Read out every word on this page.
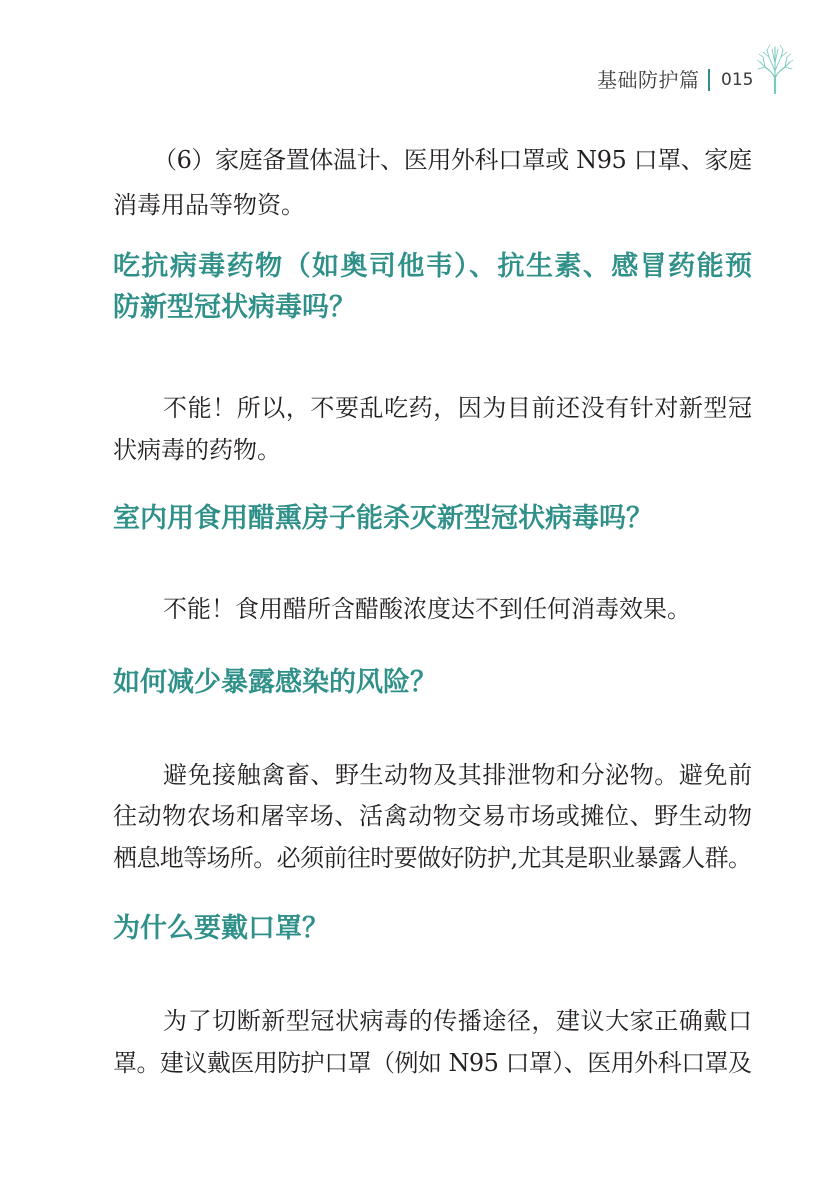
基础防护篇 015
（6）家庭备置体温计、医用外科口罩或 N95 口罩、家庭
消毒用品等物资。
吃抗病毒药物（如奥司他韦）、抗生素、感冒药能预
防新型冠状病毒吗？
不能！所以，不要乱吃药，因为目前还没有针对新型冠
状病毒的药物。
室内用食用醋熏房子能杀灭新型冠状病毒吗？
不能！食用醋所含醋酸浓度达不到任何消毒效果。
如何减少暴露感染的风险？
避免接触禽畜、野生动物及其排泄物和分泌物。避免前
往动物农场和屠宰场、活禽动物交易市场或摊位、野生动物
栖息地等场所。必须前往时要做好防护,尤其是职业暴露人群。
为什么要戴口罩？
为了切断新型冠状病毒的传播途径，建议大家正确戴口
罩。建议戴医用防护口罩（例如 N95 口罩）、医用外科口罩及
